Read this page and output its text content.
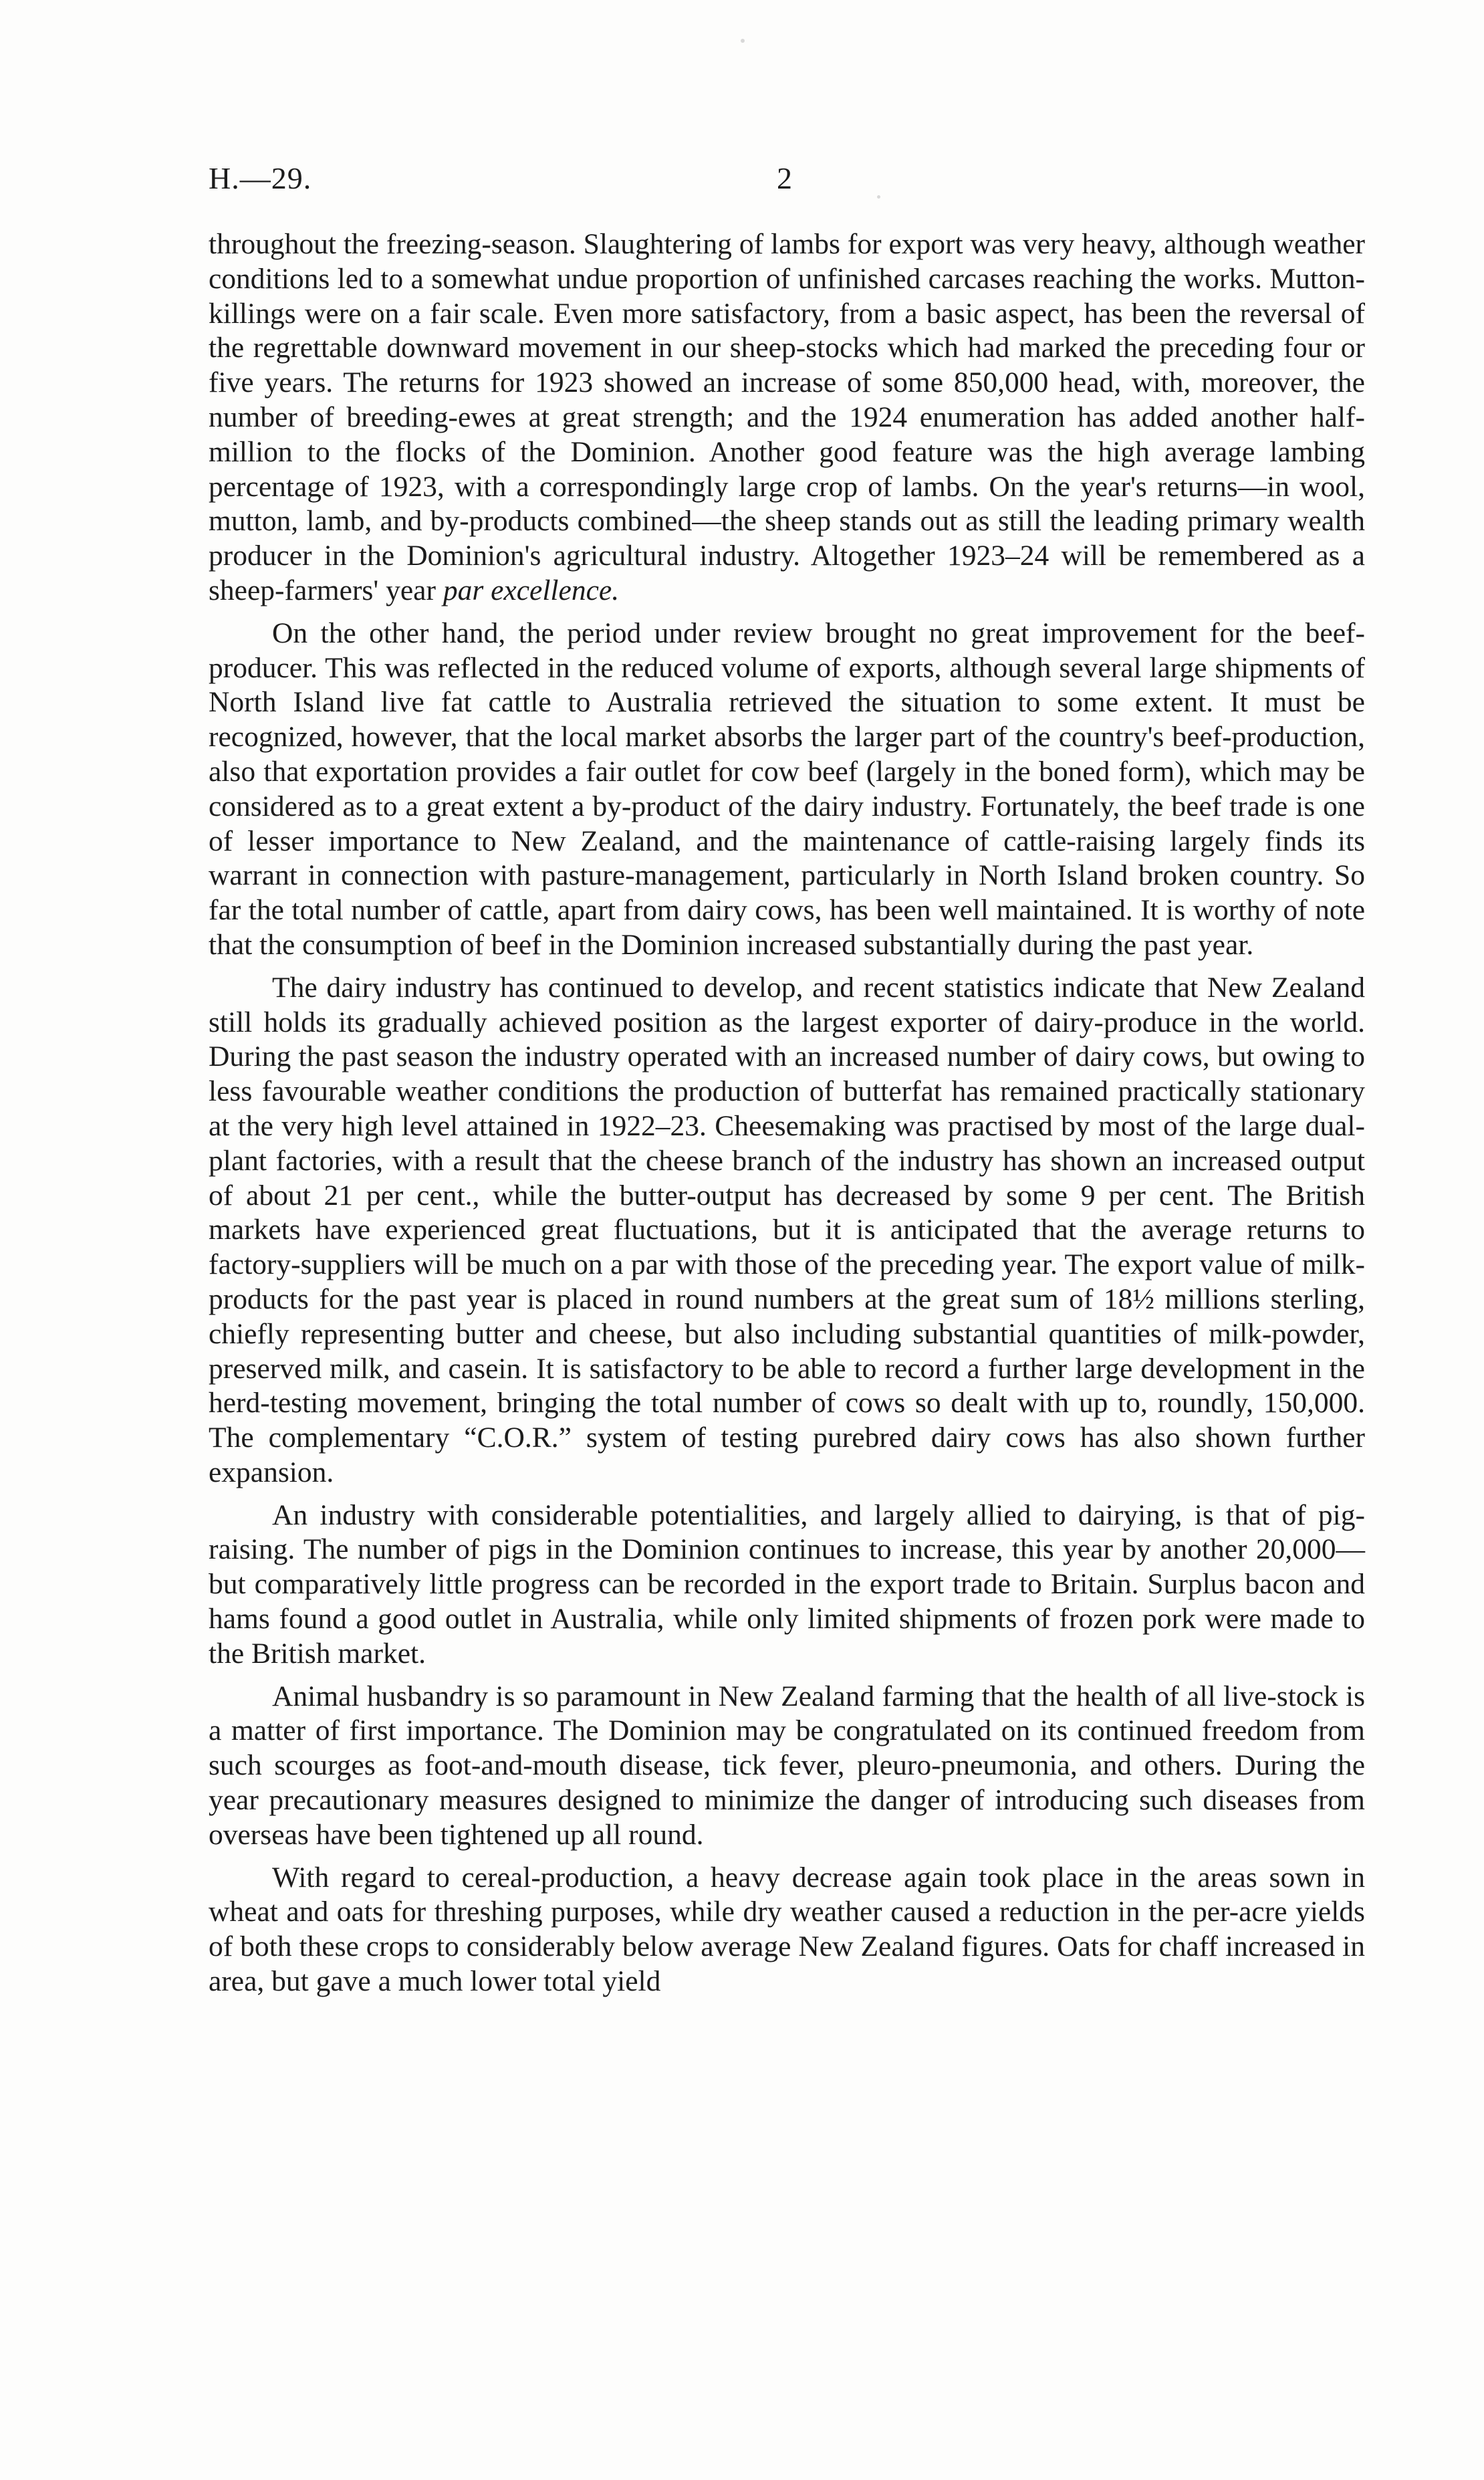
H.—29.	2

throughout the freezing-season. Slaughtering of lambs for export was very heavy, although weather conditions led to a somewhat undue proportion of unfinished carcases reaching the works. Mutton-killings were on a fair scale. Even more satisfactory, from a basic aspect, has been the reversal of the regrettable downward movement in our sheep-stocks which had marked the preceding four or five years. The returns for 1923 showed an increase of some 850,000 head, with, moreover, the number of breeding-ewes at great strength; and the 1924 enumeration has added another half-million to the flocks of the Dominion. Another good feature was the high average lambing percentage of 1923, with a correspondingly large crop of lambs. On the year's returns—in wool, mutton, lamb, and by-products combined—the sheep stands out as still the leading primary wealth producer in the Dominion's agricultural industry. Altogether 1923–24 will be remembered as a sheep-farmers' year par excellence.

On the other hand, the period under review brought no great improvement for the beef-producer. This was reflected in the reduced volume of exports, although several large shipments of North Island live fat cattle to Australia retrieved the situation to some extent. It must be recognized, however, that the local market absorbs the larger part of the country's beef-production, also that exportation provides a fair outlet for cow beef (largely in the boned form), which may be considered as to a great extent a by-product of the dairy industry. Fortunately, the beef trade is one of lesser importance to New Zealand, and the maintenance of cattle-raising largely finds its warrant in connection with pasture-management, particularly in North Island broken country. So far the total number of cattle, apart from dairy cows, has been well maintained. It is worthy of note that the consumption of beef in the Dominion increased substantially during the past year.

The dairy industry has continued to develop, and recent statistics indicate that New Zealand still holds its gradually achieved position as the largest exporter of dairy-produce in the world. During the past season the industry operated with an increased number of dairy cows, but owing to less favourable weather conditions the production of butterfat has remained practically stationary at the very high level attained in 1922–23. Cheesemaking was practised by most of the large dual-plant factories, with a result that the cheese branch of the industry has shown an increased output of about 21 per cent., while the butter-output has decreased by some 9 per cent. The British markets have experienced great fluctuations, but it is anticipated that the average returns to factory-suppliers will be much on a par with those of the preceding year. The export value of milk-products for the past year is placed in round numbers at the great sum of 18½ millions sterling, chiefly representing butter and cheese, but also including substantial quantities of milk-powder, preserved milk, and casein. It is satisfactory to be able to record a further large development in the herd-testing movement, bringing the total number of cows so dealt with up to, roundly, 150,000. The complementary “C.O.R.” system of testing purebred dairy cows has also shown further expansion.

An industry with considerable potentialities, and largely allied to dairying, is that of pig-raising. The number of pigs in the Dominion continues to increase, this year by another 20,000—but comparatively little progress can be recorded in the export trade to Britain. Surplus bacon and hams found a good outlet in Australia, while only limited shipments of frozen pork were made to the British market.

Animal husbandry is so paramount in New Zealand farming that the health of all live-stock is a matter of first importance. The Dominion may be congratulated on its continued freedom from such scourges as foot-and-mouth disease, tick fever, pleuro-pneumonia, and others. During the year precautionary measures designed to minimize the danger of introducing such diseases from overseas have been tightened up all round.

With regard to cereal-production, a heavy decrease again took place in the areas sown in wheat and oats for threshing purposes, while dry weather caused a reduction in the per-acre yields of both these crops to considerably below average New Zealand figures. Oats for chaff increased in area, but gave a much lower total yield
